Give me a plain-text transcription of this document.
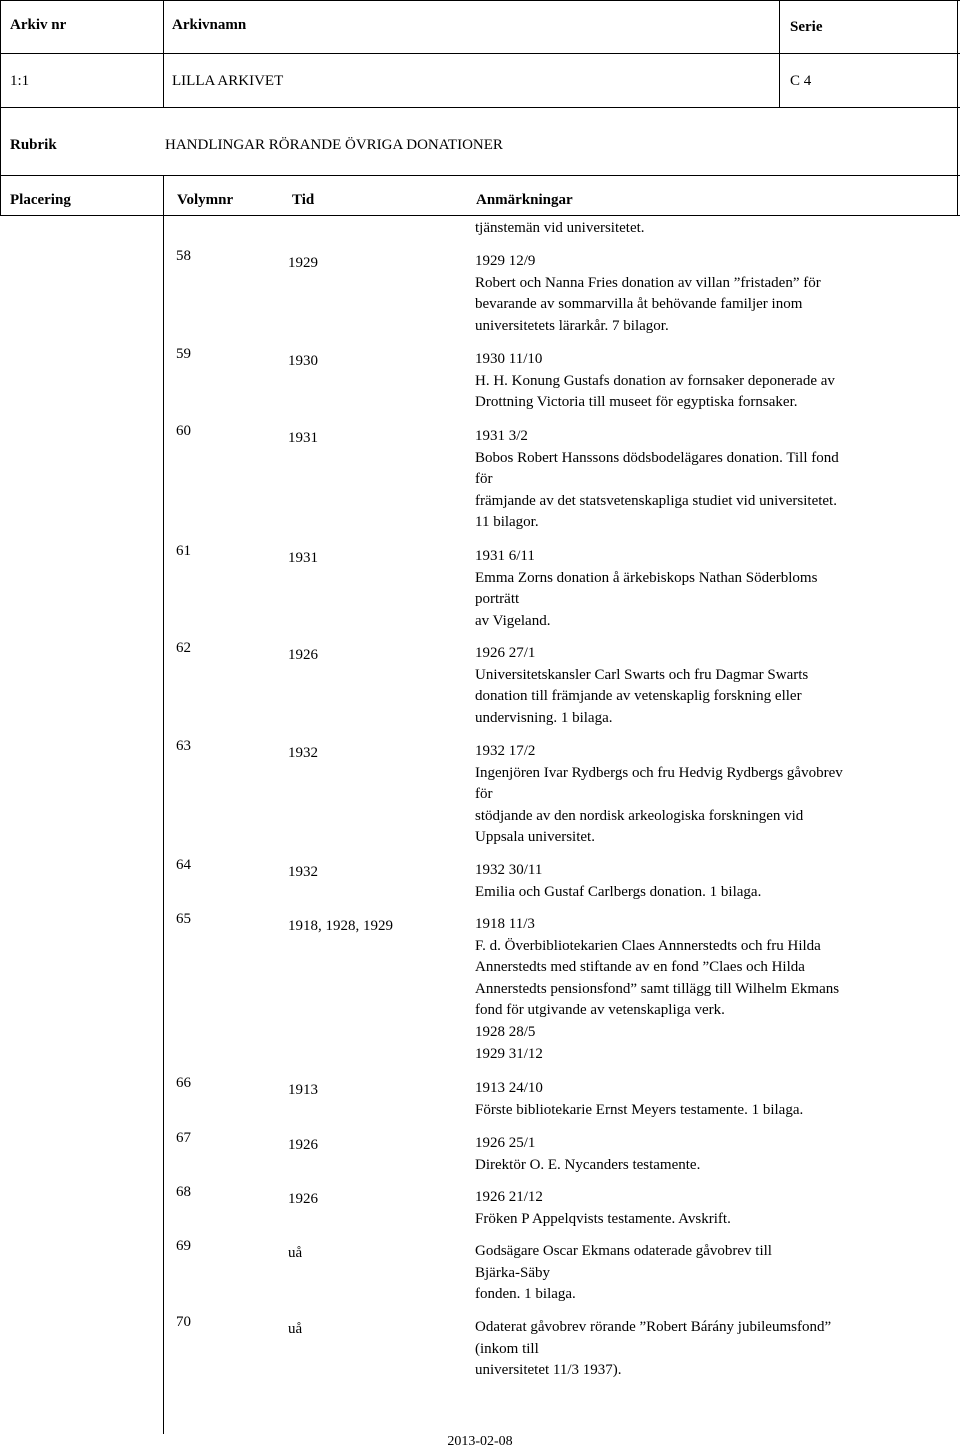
Arkiv nr	Arkivnamn	Serie
1:1	LILLA ARKIVET	C 4
Rubrik	HANDLINGAR RÖRANDE ÖVRIGA DONATIONER
Placering	Volymnr	Tid	Anmärkningar
tjänstemän vid universitetet.
58	1929	1929 12/9
Robert och Nanna Fries donation av villan ”fristaden” för
bevarande av sommarvilla åt behövande familjer inom
universitetets lärarkår. 7 bilagor.
59	1930	1930 11/10
H. H. Konung Gustafs donation av fornsaker deponerade av
Drottning Victoria till museet för egyptiska fornsaker.
60	1931	1931 3/2
Bobos Robert Hanssons dödsbodelägares donation. Till fond
för
främjande av det statsvetenskapliga studiet vid universitetet.
11 bilagor.
61	1931	1931 6/11
Emma Zorns donation å ärkebiskops Nathan Söderbloms
porträtt
av Vigeland.
62	1926	1926 27/1
Universitetskansler Carl Swarts och fru Dagmar Swarts
donation till främjande av vetenskaplig forskning eller
undervisning. 1 bilaga.
63	1932	1932 17/2
Ingenjören Ivar Rydbergs och fru Hedvig Rydbergs gåvobrev
för
stödjande av den nordisk arkeologiska forskningen vid
Uppsala universitet.
64	1932	1932 30/11
Emilia och Gustaf Carlbergs donation. 1 bilaga.
65	1918, 1928, 1929	1918 11/3
F. d. Överbibliotekarien Claes Annnerstedts och fru Hilda
Annerstedts med stiftande av en fond ”Claes och Hilda
Annerstedts pensionsfond” samt tillägg till Wilhelm Ekmans
fond för utgivande av vetenskapliga verk.
1928 28/5
1929 31/12
66	1913	1913 24/10
Förste bibliotekarie Ernst Meyers testamente. 1 bilaga.
67	1926	1926 25/1
Direktör O. E. Nycanders testamente.
68	1926	1926 21/12
Fröken P Appelqvists testamente. Avskrift.
69	uå	Godsägare Oscar Ekmans odaterade gåvobrev till
Bjärka-Säby
fonden. 1 bilaga.
70	uå	Odaterat gåvobrev rörande ”Robert Bárány jubileumsfond”
(inkom till
universitetet 11/3 1937).
2013-02-08
